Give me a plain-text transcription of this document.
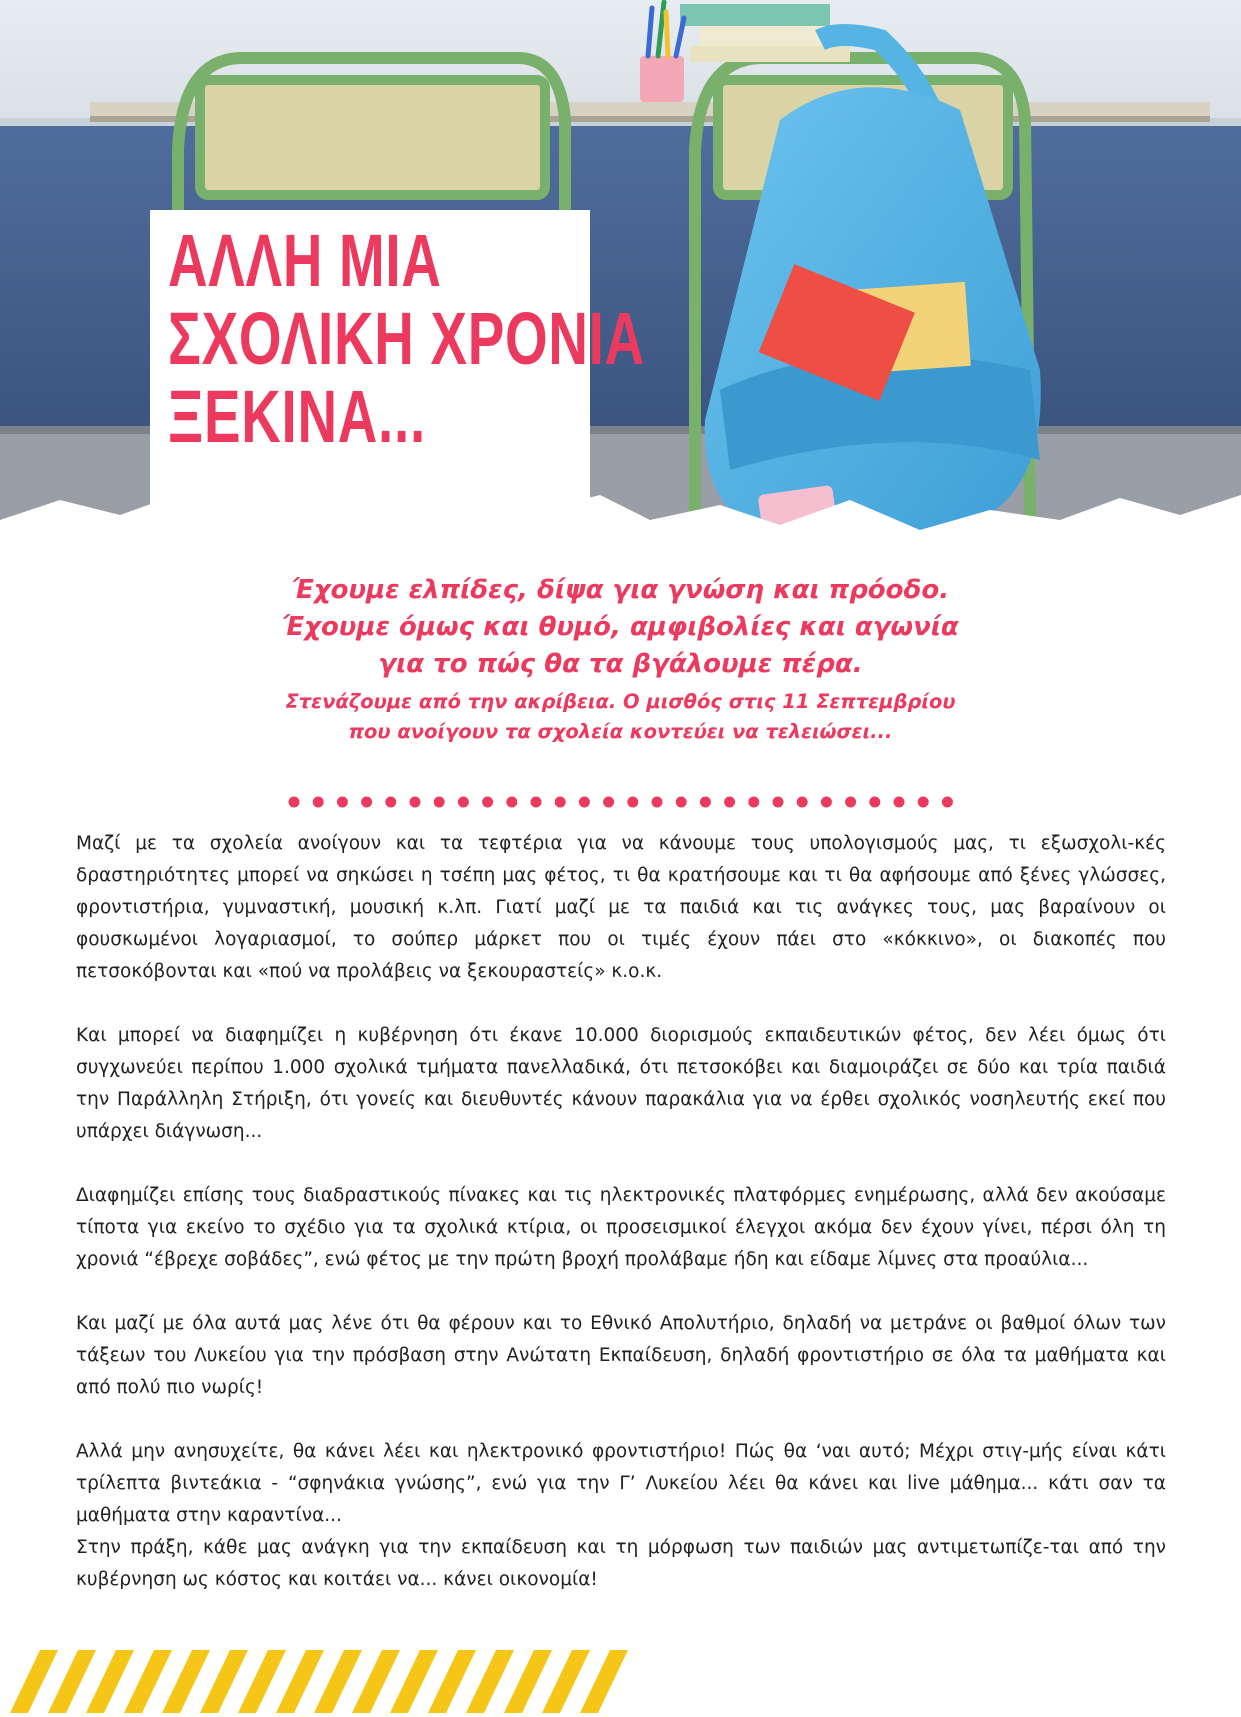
ΑΛΛΗ ΜΙΑ
ΣΧΟΛΙΚΗ ΧΡΟΝΙΑ
ΞΕΚΙΝΑ...

Έχουμε ελπίδες, δίψα για γνώση και πρόοδο.

Έχουμε όμως και θυμό, αμφιβολίες και αγωνία

για το πώς θα τα βγάλουμε πέρα.

Στενάζουμε από την ακρίβεια. Ο μισθός στις 11 Σεπτεμβρίου

που ανοίγουν τα σχολεία κοντεύει να τελειώσει...

Μαζί με τα σχολεία ανοίγουν και τα τεφτέρια για να κάνουμε τους υπολογισμούς μας, τι εξωσχολι-κές δραστηριότητες μπορεί να σηκώσει η τσέπη μας φέτος, τι θα κρατήσουμε και τι θα αφήσουμε από ξένες γλώσσες, φροντιστήρια, γυμναστική, μουσική κ.λπ. Γιατί μαζί με τα παιδιά και τις ανάγκες τους, μας βαραίνουν οι φουσκωμένοι λογαριασμοί, το σούπερ μάρκετ που οι τιμές έχουν πάει στο «κόκκινο», οι διακοπές που πετσοκόβονται και «πού να προλάβεις να ξεκουραστείς» κ.ο.κ.

Και μπορεί να διαφημίζει η κυβέρνηση ότι έκανε 10.000 διορισμούς εκπαιδευτικών φέτος, δεν λέει όμως ότι συγχωνεύει περίπου 1.000 σχολικά τμήματα πανελλαδικά, ότι πετσοκόβει και διαμοιράζει σε δύο και τρία παιδιά την Παράλληλη Στήριξη, ότι γονείς και διευθυντές κάνουν παρακάλια για να έρθει σχολικός νοσηλευτής εκεί που υπάρχει διάγνωση...

Διαφημίζει επίσης τους διαδραστικούς πίνακες και τις ηλεκτρονικές πλατφόρμες ενημέρωσης, αλλά δεν ακούσαμε τίποτα για εκείνο το σχέδιο για τα σχολικά κτίρια, οι προσεισμικοί έλεγχοι ακόμα δεν έχουν γίνει, πέρσι όλη τη χρονιά “έβρεχε σοβάδες”, ενώ φέτος με την πρώτη βροχή προλάβαμε ήδη και είδαμε λίμνες στα προαύλια...

Και μαζί με όλα αυτά μας λένε ότι θα φέρουν και το Εθνικό Απολυτήριο, δηλαδή να μετράνε οι βαθμοί όλων των τάξεων του Λυκείου για την πρόσβαση στην Ανώτατη Εκπαίδευση, δηλαδή φροντιστήριο σε όλα τα μαθήματα και από πολύ πιο νωρίς!

Αλλά μην ανησυχείτε, θα κάνει λέει και ηλεκτρονικό φροντιστήριο! Πώς θα ‘ναι αυτό; Μέχρι στιγ-μής είναι κάτι τρίλεπτα βιντεάκια - “σφηνάκια γνώσης”, ενώ για την Γ’ Λυκείου λέει θα κάνει και live μάθημα... κάτι σαν τα μαθήματα στην καραντίνα...

Στην πράξη, κάθε μας ανάγκη για την εκπαίδευση και τη μόρφωση των παιδιών μας αντιμετωπίζε-ται από την κυβέρνηση ως κόστος και κοιτάει να... κάνει οικονομία!
